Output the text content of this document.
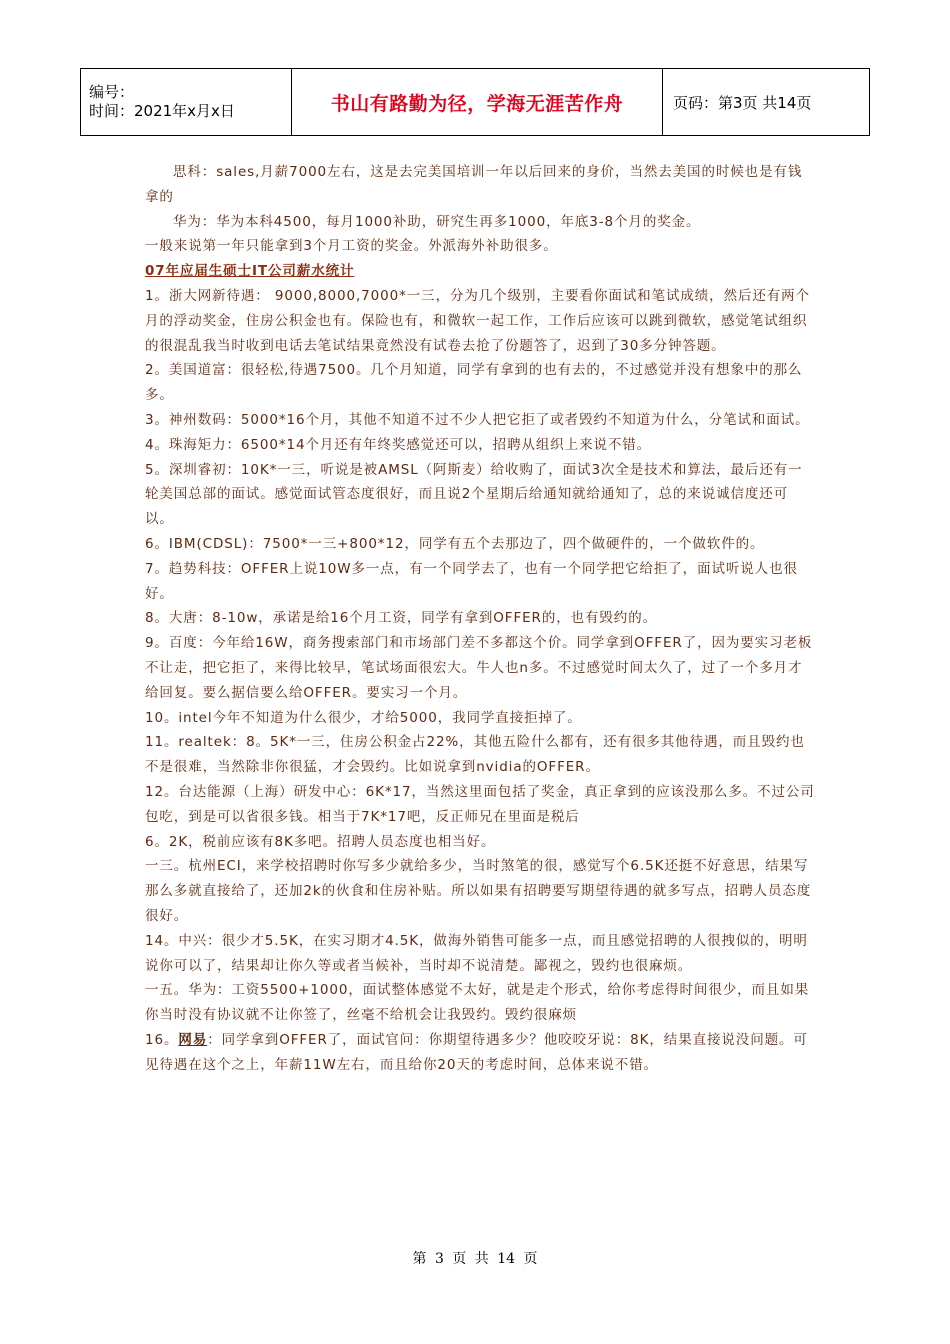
编号：
时间：2021年x月x日	书山有路勤为径，学海无涯苦作舟	页码：第3页 共14页

思科：sales,月薪7000左右，这是去完美国培训一年以后回来的身价，当然去美国的时候也是有钱拿的

华为：华为本科4500，每月1000补助，研究生再多1000，年底3-8个月的奖金。

一般来说第一年只能拿到3个月工资的奖金。外派海外补助很多。

07年应届生硕士IT公司薪水统计

1。浙大网新待遇： 9000,8000,7000*一三，分为几个级别，主要看你面试和笔试成绩，然后还有两个月的浮动奖金，住房公积金也有。保险也有，和微软一起工作，工作后应该可以跳到微软，感觉笔试组织的很混乱我当时收到电话去笔试结果竟然没有试卷去抢了份题答了，迟到了30多分钟答题。

2。美国道富：很轻松,待遇7500。几个月知道，同学有拿到的也有去的，不过感觉并没有想象中的那么多。

3。神州数码：5000*16个月，其他不知道不过不少人把它拒了或者毁约不知道为什么，分笔试和面试。

4。珠海矩力：6500*14个月还有年终奖感觉还可以，招聘从组织上来说不错。

5。深圳睿初：10K*一三，听说是被AMSL（阿斯麦）给收购了，面试3次全是技术和算法，最后还有一轮美国总部的面试。感觉面试管态度很好，而且说2个星期后给通知就给通知了，总的来说诚信度还可以。

6。IBM(CDSL)：7500*一三+800*12，同学有五个去那边了，四个做硬件的，一个做软件的。

7。趋势科技：OFFER上说10W多一点，有一个同学去了，也有一个同学把它给拒了，面试听说人也很好。

8。大唐：8-10w，承诺是给16个月工资，同学有拿到OFFER的，也有毁约的。

9。百度：今年给16W，商务搜索部门和市场部门差不多都这个价。同学拿到OFFER了，因为要实习老板不让走，把它拒了，来得比较早，笔试场面很宏大。牛人也n多。不过感觉时间太久了，过了一个多月才给回复。要么据信要么给OFFER。要实习一个月。

10。intel今年不知道为什么很少，才给5000，我同学直接拒掉了。

11。realtek：8。5K*一三，住房公积金占22%，其他五险什么都有，还有很多其他待遇，而且毁约也不是很难，当然除非你很猛，才会毁约。比如说拿到nvidia的OFFER。

12。台达能源（上海）研发中心：6K*17，当然这里面包括了奖金，真正拿到的应该没那么多。不过公司包吃，到是可以省很多钱。相当于7K*17吧，反正师兄在里面是税后

6。2K，税前应该有8K多吧。招聘人员态度也相当好。

一三。杭州ECI，来学校招聘时你写多少就给多少，当时煞笔的很，感觉写个6.5K还挺不好意思，结果写那么多就直接给了，还加2k的伙食和住房补贴。所以如果有招聘要写期望待遇的就多写点，招聘人员态度很好。

14。中兴：很少才5.5K，在实习期才4.5K，做海外销售可能多一点，而且感觉招聘的人很拽似的，明明说你可以了，结果却让你久等或者当候补，当时却不说清楚。鄙视之，毁约也很麻烦。

一五。华为：工资5500+1000，面试整体感觉不太好，就是走个形式，给你考虑得时间很少，而且如果你当时没有协议就不让你签了，丝毫不给机会让我毁约。毁约很麻烦

16。网易：同学拿到OFFER了，面试官问：你期望待遇多少？他咬咬牙说：8K，结果直接说没问题。可见待遇在这个之上，年薪11W左右，而且给你20天的考虑时间，总体来说不错。

第 3 页 共 14 页
